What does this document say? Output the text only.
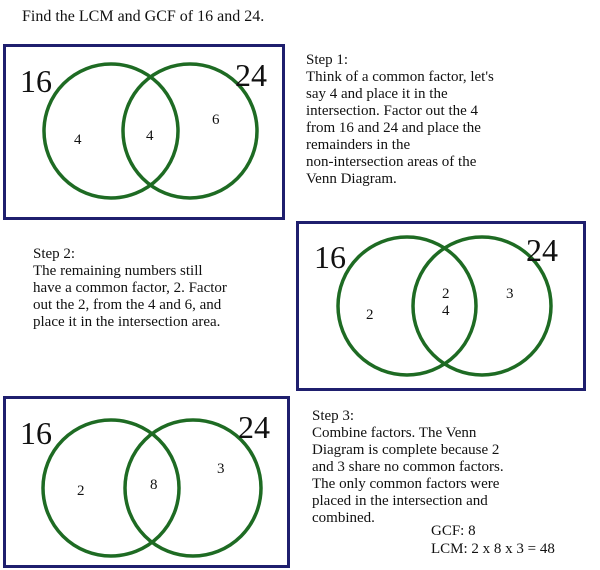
Find the LCM and GCF of 16 and 24.
16	24
4	4
6
Step 1:
Think of a common factor, let's
say 4 and place it in the
intersection. Factor out the 4
from 16 and 24 and place the
remainders in the
non-intersection areas of the
Venn Diagram.
16	24
2
2
4
3
Step 2:
The remaining numbers still
have a common factor, 2. Factor
out the 2, from the 4 and 6, and
place it in the intersection area.
16	24
2	8
3
Step 3:
Combine factors. The Venn
Diagram is complete because 2
and 3 share no common factors.
The only common factors were
placed in the intersection and
combined.
GCF: 8
LCM: 2 x 8 x 3 = 48
